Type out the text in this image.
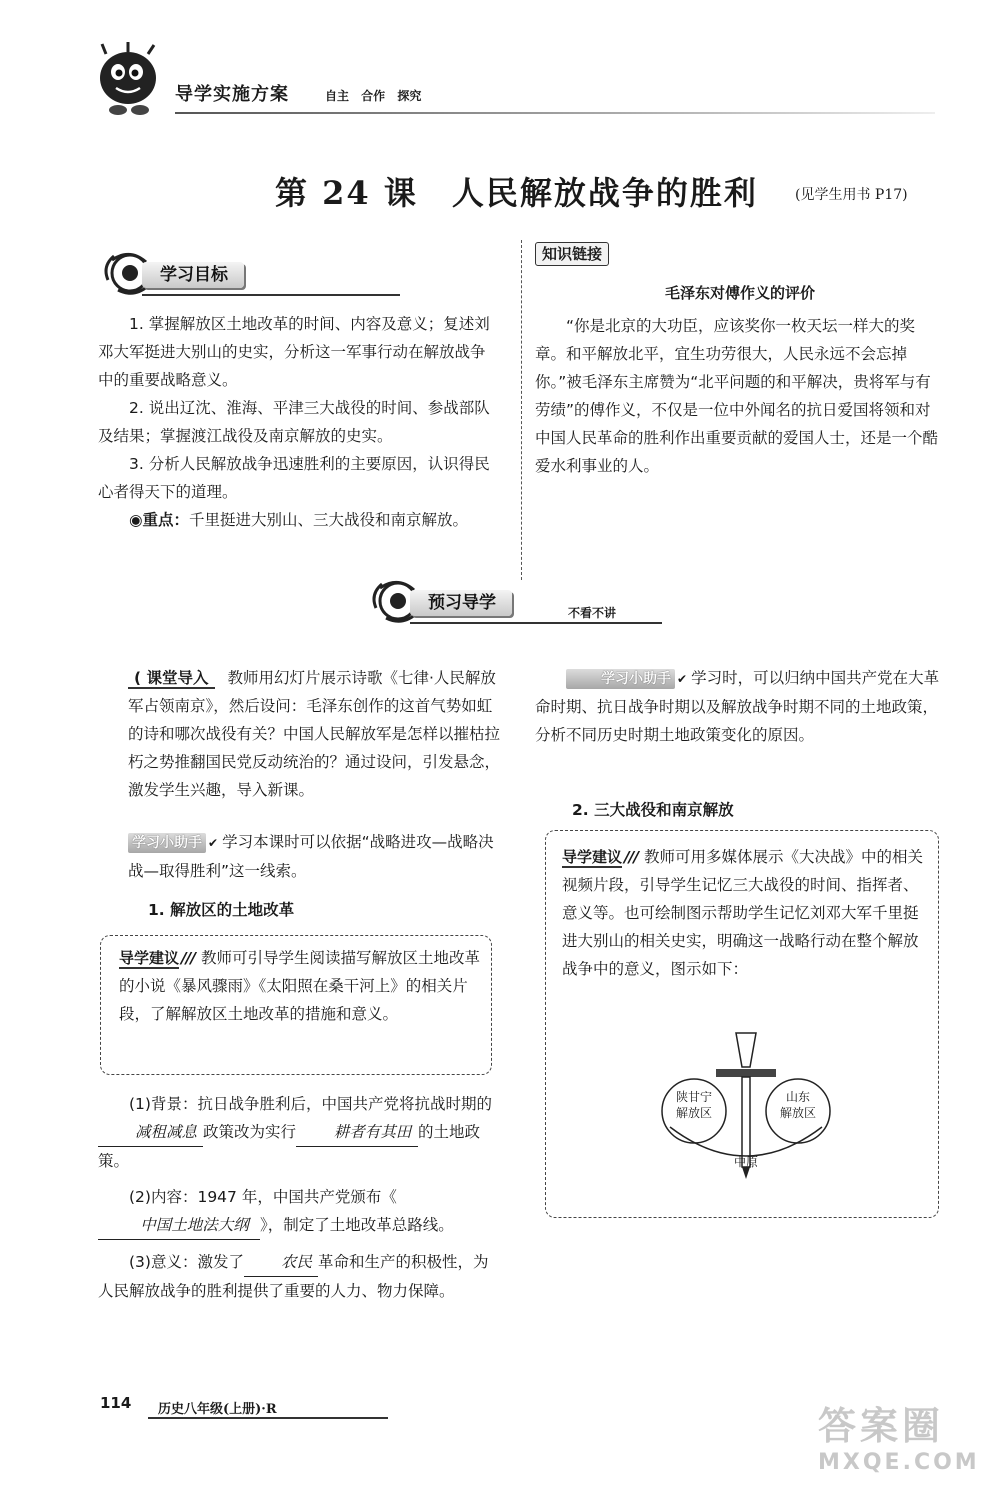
导学实施方案	自主 合作 探究
第 24 课　人民解放战争的胜利	(见学生用书 P17)
学习目标

1. 掌握解放区土地改革的时间、内容及意义；复述刘邓大军挺进大别山的史实，分析这一军事行动在解放战争中的重要战略意义。

2. 说出辽沈、淮海、平津三大战役的时间、参战部队及结果；掌握渡江战役及南京解放的史实。

3. 分析人民解放战争迅速胜利的主要原因，认识得民心者得天下的道理。

◉重点：千里挺进大别山、三大战役和南京解放。

知识链接
毛泽东对傅作义的评价

“你是北京的大功臣，应该奖你一枚天坛一样大的奖章。和平解放北平，宜生功劳很大，人民永远不会忘掉你。”被毛泽东主席赞为“北平问题的和平解决，贵将军与有劳绩”的傅作义，不仅是一位中外闻名的抗日爱国将领和对中国人民革命的胜利作出重要贡献的爱国人士，还是一个酷爱水利事业的人。

预习导学	不看不讲

( 课堂导入 教师用幻灯片展示诗歌《七律·人民解放军占领南京》，然后设问：毛泽东创作的这首气势如虹的诗和哪次战役有关？中国人民解放军是怎样以摧枯拉朽之势推翻国民党反动统治的？通过设问，引发悬念，激发学生兴趣，导入新课。

学习小助手 ✔ 学习本课时可以依据“战略进攻—战略决战—取得胜利”这一线索。

1. 解放区的土地改革

导学建议 /// 教师可引导学生阅读描写解放区土地改革的小说《暴风骤雨》《太阳照在桑干河上》的相关片段，了解解放区土地改革的措施和意义。

(1)背景：抗日战争胜利后，中国共产党将抗战时期的减租减息 政策改为实行 耕者有其田 的土地政策。

(2)内容：1947 年，中国共产党颁布《中国土地法大纲 》，制定了土地改革总路线。

(3)意义：激发了 农民 革命和生产的积极性，为人民解放战争的胜利提供了重要的人力、物力保障。

学习小助手 ✔ 学习时，可以归纳中国共产党在大革命时期、抗日战争时期以及解放战争时期不同的土地政策，分析不同历史时期土地政策变化的原因。

2. 三大战役和南京解放

导学建议 /// 教师可用多媒体展示《大决战》中的相关视频片段，引导学生记忆三大战役的时间、指挥者、意义等。也可绘制图示帮助学生记忆刘邓大军千里挺进大别山的相关史实，明确这一战略行动在整个解放战争中的意义，图示如下：

陕甘宁
解放区
山东
解放区
中原
114 历史八年级(上册)·R	答案圈
MXQE.COM
